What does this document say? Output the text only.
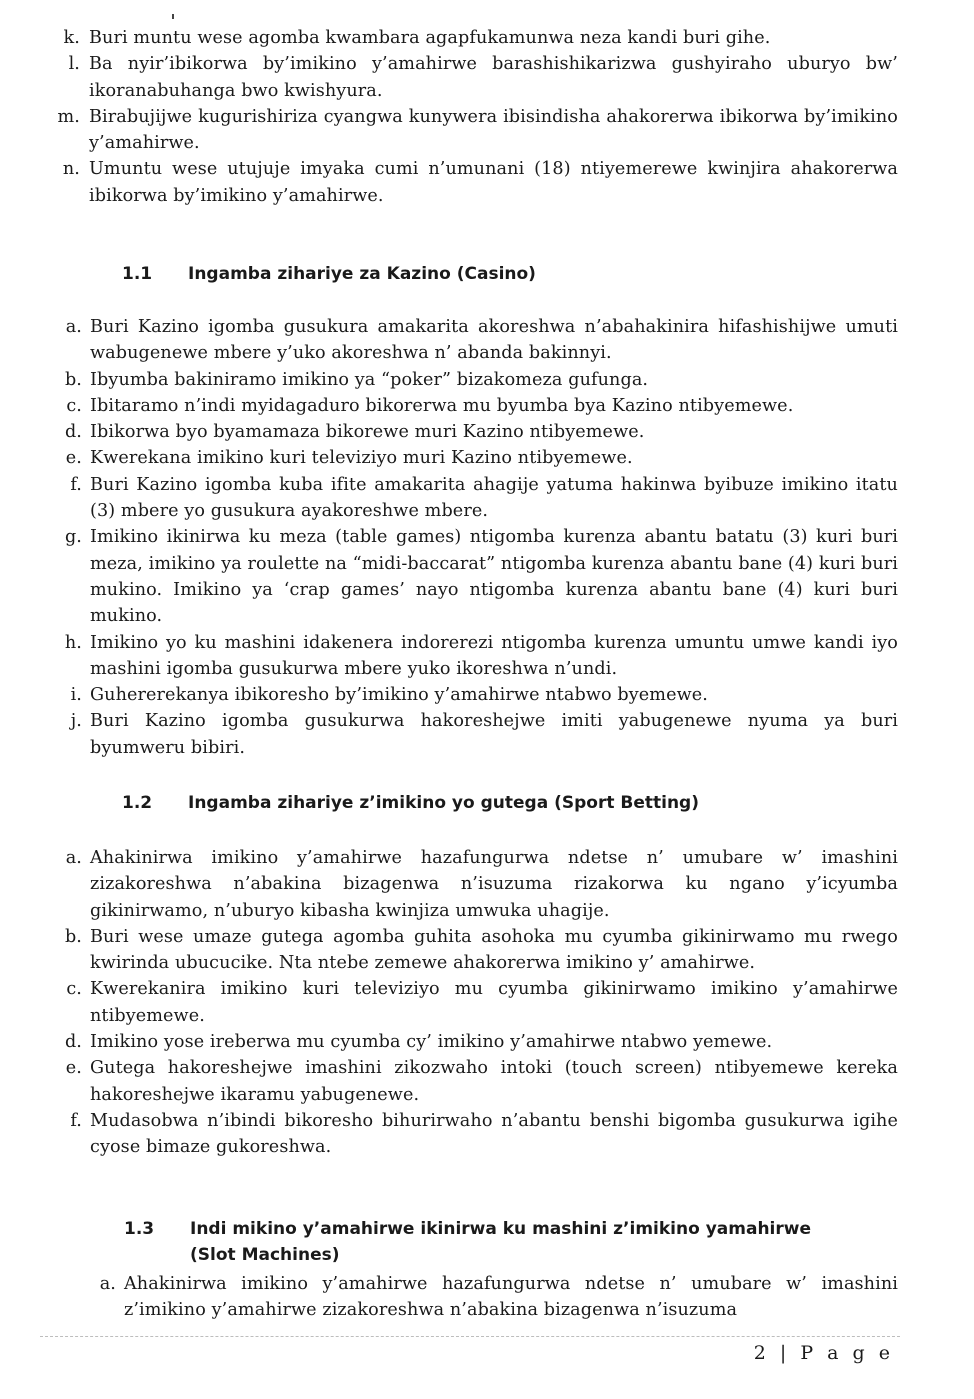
k. Buri muntu wese agomba kwambara agapfukamunwa neza kandi buri gihe.
l. Ba nyir’ibikorwa by’imikino y’amahirwe barashishikarizwa gushyiraho uburyo bw’ ikoranabuhanga bwo kwishyura.
m. Birabujijwe kugurishiriza cyangwa kunywera ibisindisha ahakorerwa ibikorwa by’imikino y’amahirwe.
n. Umuntu wese utujuje imyaka cumi n’umunani (18) ntiyemerewe kwinjira ahakorerwa ibikorwa by’imikino y’amahirwe.
1.1 Ingamba zihariye za Kazino (Casino)
a. Buri Kazino igomba gusukura amakarita akoreshwa n’abahakinira hifashishijwe umuti wabugenewe mbere y’uko akoreshwa n’ abanda bakinnyi.
b. Ibyumba bakiniramo imikino ya “poker” bizakomeza gufunga.
c. Ibitaramo n’indi myidagaduro bikorerwa mu byumba bya Kazino ntibyemewe.
d. Ibikorwa byo byamamaza bikorewe muri Kazino ntibyemewe.
e. Kwerekana imikino kuri televiziyo muri Kazino ntibyemewe.
f. Buri Kazino igomba kuba ifite amakarita ahagije yatuma hakinwa byibuze imikino itatu (3) mbere yo gusukura ayakoreshwe mbere.
g. Imikino ikinirwa ku meza (table games) ntigomba kurenza abantu batatu (3) kuri buri meza, imikino ya roulette na “midi-baccarat” ntigomba kurenza abantu bane (4) kuri buri mukino. Imikino ya ‘crap games’ nayo ntigomba kurenza abantu bane (4) kuri buri mukino.
h. Imikino yo ku mashini idakenera indorerezi ntigomba kurenza umuntu umwe kandi iyo mashini igomba gusukurwa mbere yuko ikoreshwa n’undi.
i. Guhererekanya ibikoresho by’imikino y’amahirwe ntabwo byemewe.
j. Buri Kazino igomba gusukurwa hakoreshejwe imiti yabugenewe nyuma ya buri byumweru bibiri.
1.2 Ingamba zihariye z’imikino yo gutega (Sport Betting)
a. Ahakinirwa imikino y’amahirwe hazafungurwa ndetse n’ umubare w’ imashini zizakoreshwa n’abakina bizagenwa n’isuzuma rizakorwa ku ngano y’icyumba gikinirwamo, n’uburyo kibasha kwinjiza umwuka uhagije.
b. Buri wese umaze gutega agomba guhita asohoka mu cyumba gikinirwamo mu rwego kwirinda ubucucike. Nta ntebe zemewe ahakorerwa imikino y’ amahirwe.
c. Kwerekanira imikino kuri televiziyo mu cyumba gikinirwamo imikino y’amahirwe ntibyemewe.
d. Imikino yose ireberwa mu cyumba cy’ imikino y’amahirwe ntabwo yemewe.
e. Gutega hakoreshejwe imashini zikozwaho intoki (touch screen) ntibyemewe kereka hakoreshejwe ikaramu yabugenewe.
f. Mudasobwa n’ibindi bikoresho bihurirwaho n’abantu benshi bigomba gusukurwa igihe cyose bimaze gukoreshwa.
1.3 Indi mikino y’amahirwe ikinirwa ku mashini z’imikino yamahirwe
(Slot Machines)
a. Ahakinirwa imikino y’amahirwe hazafungurwa ndetse n’ umubare w’ imashini z’imikino y’amahirwe zizakoreshwa n’abakina bizagenwa n’isuzuma
2 | P a g e
